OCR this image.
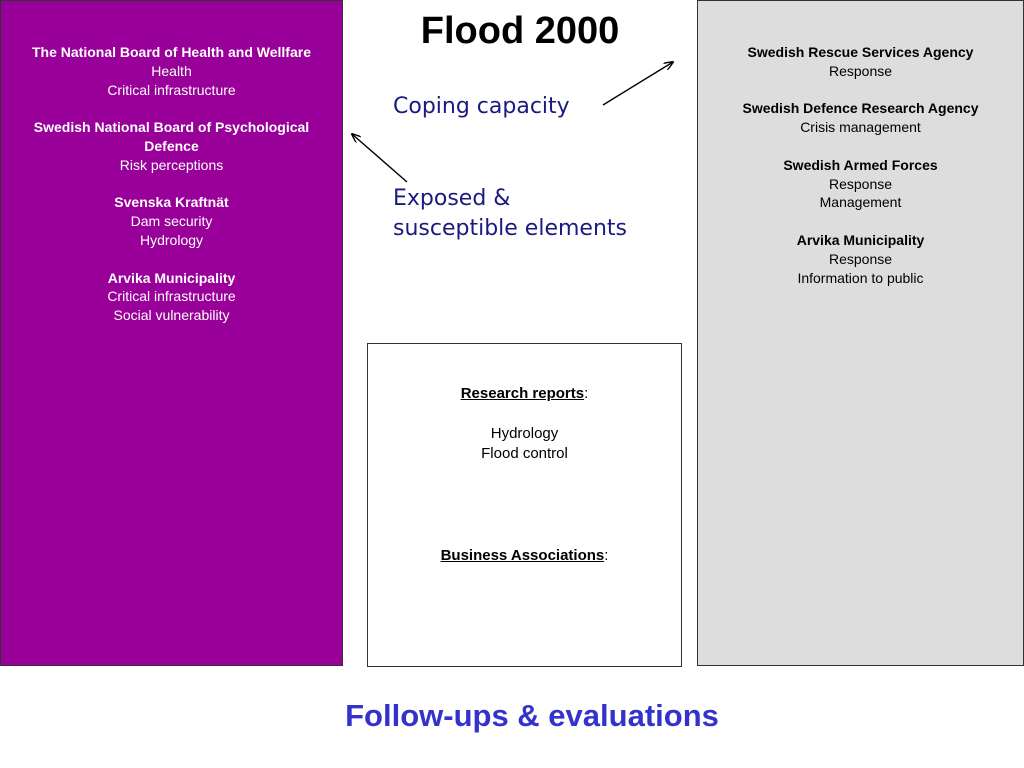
The National Board of Health and Wellfare
Health
Critical infrastructure
Swedish National Board of Psychological Defence
Risk perceptions
Svenska Kraftnät
Dam security
Hydrology
Arvika Municipality
Critical infrastructure
Social vulnerability
Flood 2000

Coping capacity

Exposed &
susceptible elements

Research reports:
Hydrology
Flood control
Business Associations:
Swedish Rescue Services Agency
Response
Swedish Defence Research Agency
Crisis management
Swedish Armed Forces
Response
Management
Arvika Municipality
Response
Information to public
Follow-ups & evaluations
